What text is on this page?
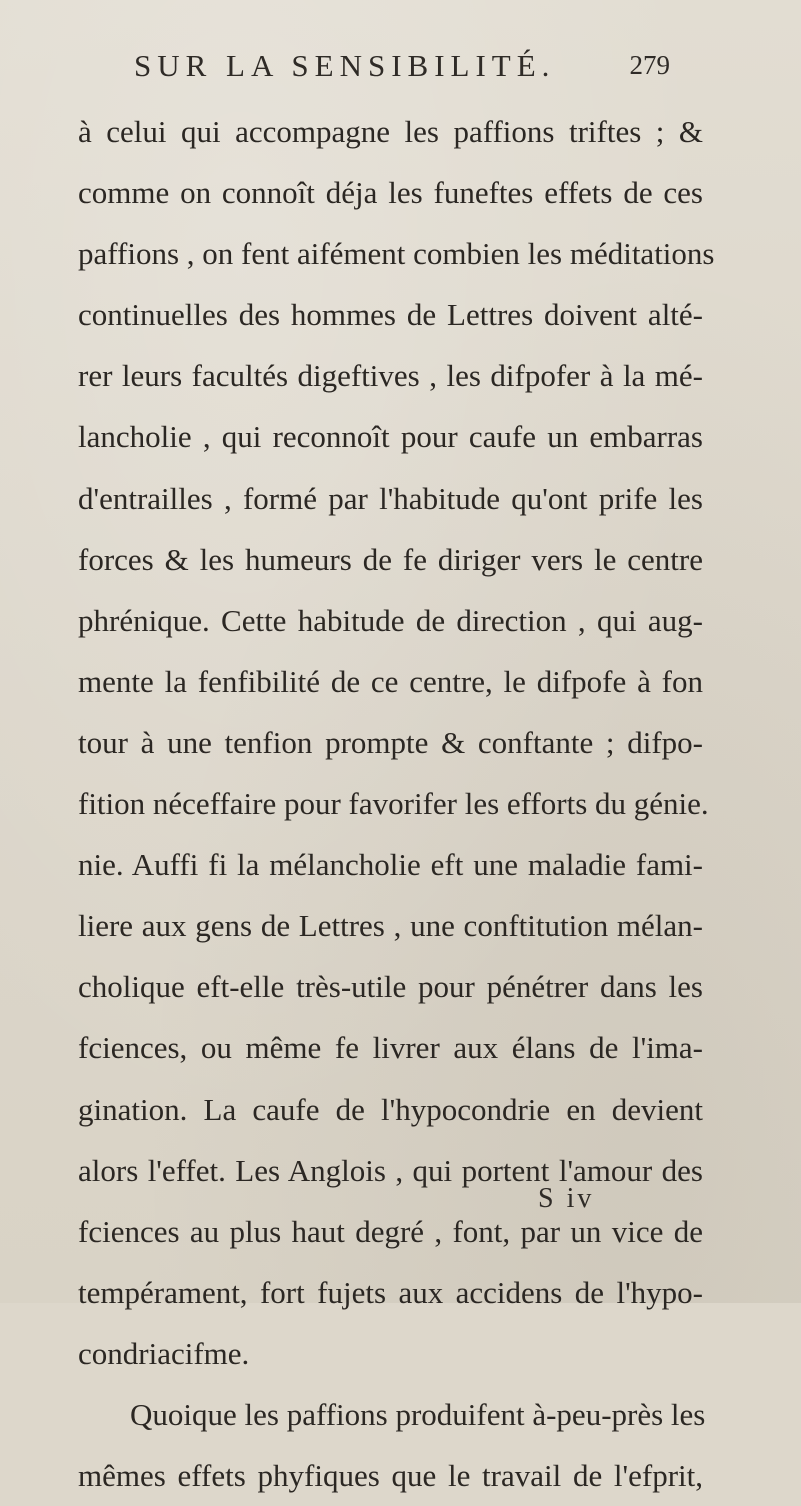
SUR LA SENSIBILITÉ.	279
à celui qui accompagne les paffions triftes ; &
comme on connoît déja les funeftes effets de ces
paffions , on fent aifément combien les méditations
continuelles des hommes de Lettres doivent alté-
rer leurs facultés digeftives , les difpofer à la mé-
lancholie , qui reconnoît pour caufe un embarras
d'entrailles , formé par l'habitude qu'ont prife les
forces & les humeurs de fe diriger vers le centre
phrénique. Cette habitude de direction , qui aug-
mente la fenfibilité de ce centre, le difpofe à fon
tour à une tenfion prompte & conftante ; difpo-
fition néceffaire pour favorifer les efforts du génie.
nie. Auffi fi la mélancholie eft une maladie fami-
liere aux gens de Lettres , une conftitution mélan-
cholique eft-elle très-utile pour pénétrer dans les
fciences, ou même fe livrer aux élans de l'ima-
gination. La caufe de l'hypocondrie en devient
alors l'effet. Les Anglois , qui portent l'amour des
fciences au plus haut degré , font, par un vice de
tempérament, fort fujets aux accidens de l'hypo-
condriacifme.
Quoique les paffions produifent à-peu-près les
mêmes effets phyfiques que le travail de l'efprit,
S iv
